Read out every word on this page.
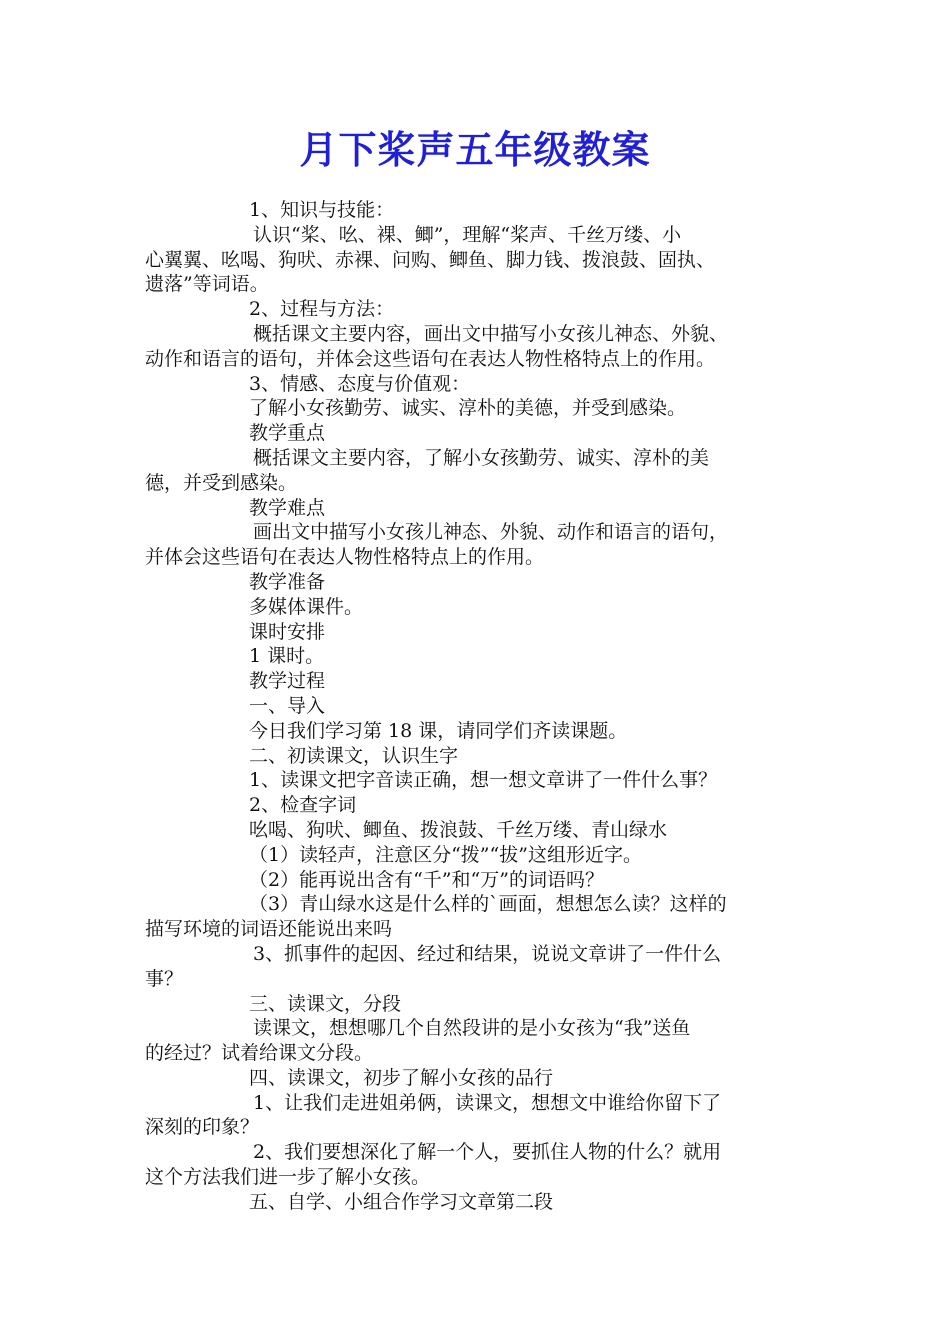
月下桨声五年级教案

1、知识与技能：

认识“桨、吆、裸、鲫”，理解“桨声、千丝万缕、小

心翼翼、吆喝、狗吠、赤裸、问购、鲫鱼、脚力钱、拨浪鼓、固执、

遗落”等词语。

2、过程与方法：

概括课文主要内容，画出文中描写小女孩儿神态、外貌、

动作和语言的语句，并体会这些语句在表达人物性格特点上的作用。

3、情感、态度与价值观：

了解小女孩勤劳、诚实、淳朴的美德，并受到感染。

教学重点

概括课文主要内容，了解小女孩勤劳、诚实、淳朴的美

德，并受到感染。

教学难点

画出文中描写小女孩儿神态、外貌、动作和语言的语句，

并体会这些语句在表达人物性格特点上的作用。

教学准备

多媒体课件。

课时安排

1 课时。

教学过程

一、导入

今日我们学习第 18 课，请同学们齐读课题。

二、初读课文，认识生字

1、读课文把字音读正确，想一想文章讲了一件什么事？

2、检查字词

吆喝、狗吠、鲫鱼、拨浪鼓、千丝万缕、青山绿水

（1）读轻声，注意区分“拨”“拔”这组形近字。

（2）能再说出含有“千”和“万”的词语吗？

（3）青山绿水这是什么样的`画面，想想怎么读？这样的

描写环境的词语还能说出来吗

3、抓事件的起因、经过和结果，说说文章讲了一件什么

事？

三、读课文，分段

读课文，想想哪几个自然段讲的是小女孩为“我”送鱼

的经过？试着给课文分段。

四、读课文，初步了解小女孩的品行

1、让我们走进姐弟俩，读课文，想想文中谁给你留下了

深刻的印象？

2、我们要想深化了解一个人，要抓住人物的什么？就用

这个方法我们进一步了解小女孩。

五、自学、小组合作学习文章第二段
